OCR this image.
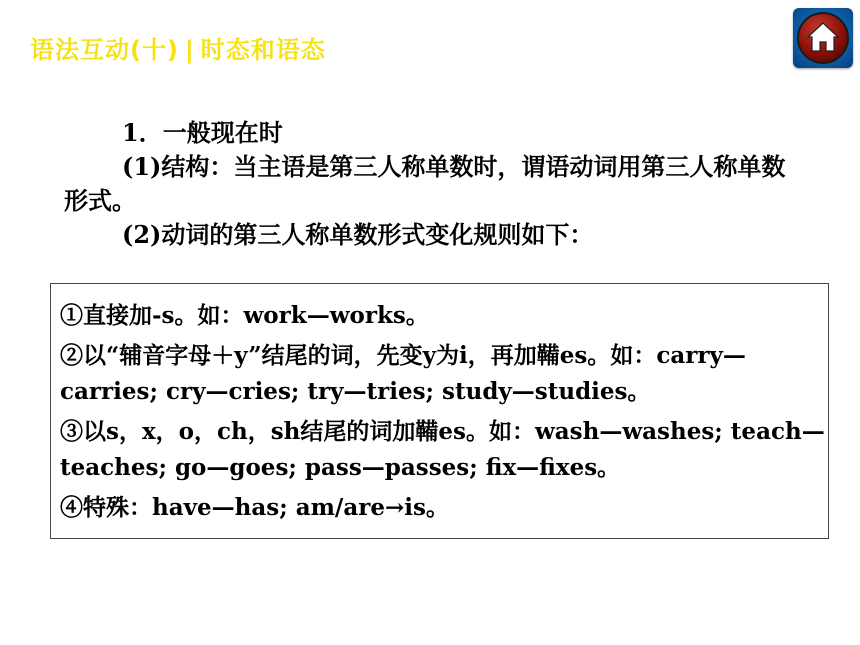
语法互动(十) | 时态和语态

1．一般现在时

(1)结构：当主语是第三人称单数时，谓语动词用第三人称单数形式。

(2)动词的第三人称单数形式变化规则如下：

①直接加-s。如：work—works。

②以“辅音字母＋y”结尾的词，先变y为i，再加鞴es。如：carry—carries; cry—cries; try—tries; study—studies。

③以s，x，o，ch，sh结尾的词加鞴es。如：wash—washes; teach—teaches; go—goes; pass—passes; fix—fixes。

④特殊：have—has; am/are→is。
